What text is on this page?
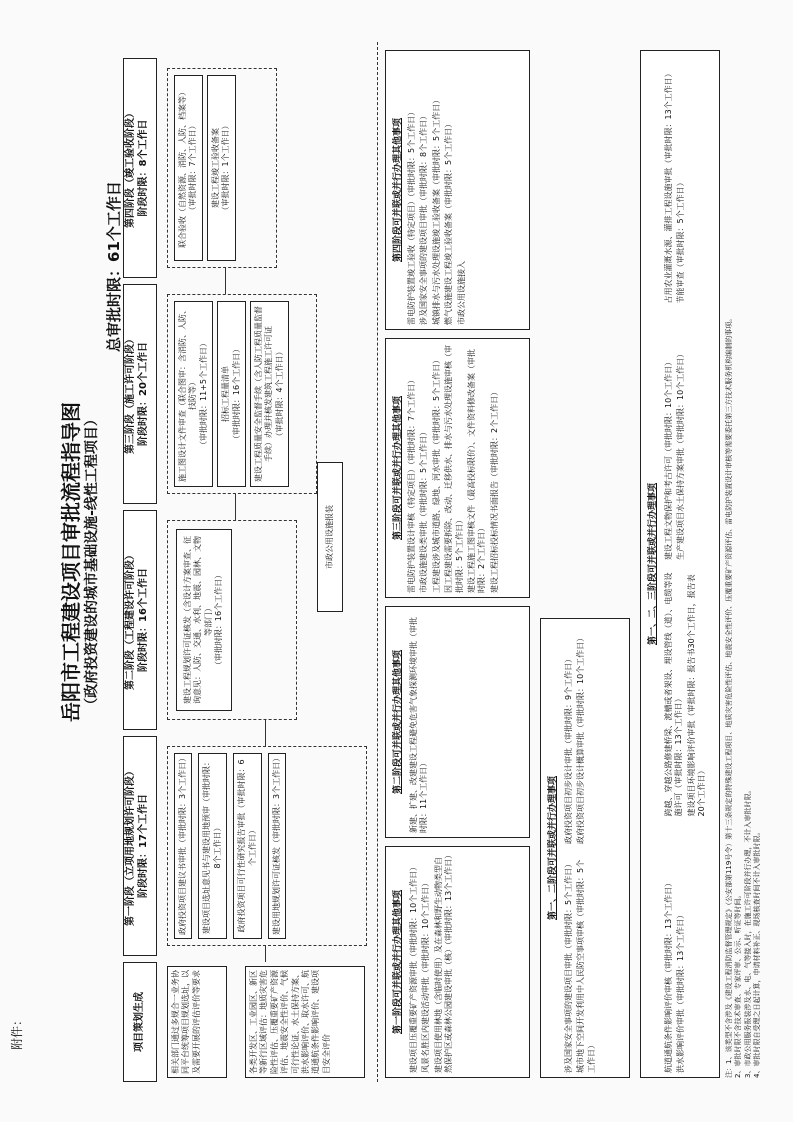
附件：
岳阳市工程建设项目审批流程指导图 （政府投资建设的城市基础设施-线性工程项目）
总审批时限：61个工作日
项目策划生成
第一阶段（立项用地规划许可阶段） 阶段时限：17个工作日
第二阶段（工程建设许可阶段） 阶段时限：16个工作日
第三阶段（施工许可阶段） 阶段时限：20个工作日
第四阶段（竣工验收阶段） 阶段时限：8个工作日
相关部门通过多规合一业务协同平台统筹项目规划选址，以及需要开展的评估评价等要求	各类开发区、工业园区、新区等新行区域评估：地质灾害危险性评估、压覆重要矿产资源评估、地震安全性评价、气候可行性论证、水土保持方案、洪水影响评价、取水许可、航道通航条件影响评价、建设项目安全评价
政府投资项目建议书审批（审批时限：3个工作日）	建设项目选址意见书与建设用地预审（审批时限：8个工作日）	政府投资项目可行性研究报告审批（审批时限：6个工作日）	建设用地规划许可证核发（审批时限：3个工作日）
建设工程规划许可证核发（含设计方案审查、征询意见：人防、交通、水利、地震、园林、文物等部门） （审批时限：16个工作日）
市政公用设施报装
施工图设计文件审查（联合图审：含消防、人防、技防等） （审批时限：11+5个工作日） 招标工程量清单 （审批时限：16个工作日） 建设工程质量安全监督手续（含人防工程质量监督手续）办理并核发建筑工程施工许可证 （审批时限：4个工作日）
联合验收（自然资源、消防、人防、档案等） （审批时限：7个工作日） 建设工程竣工验收备案 （审批时限：1个工作日）
第一阶段可并联或并行办理其他事项 建设项目压覆重要矿产资源审批（审批时限：10个工作日） 风景名胜区内建设活动审批（审批时限：10个工作日） 建设项目使用林地（含临时使用）及在森林和野生动物类型自然保护区或森林公园建设审批（核）（审批时限：13个工作日）
第二阶段可并联或并行办理其他事项 新建、扩建、改建建设工程避免危害气象探测环境审批（审批时限：11个工作日）
第三阶段可并联或并行办理其他事项 雷电防护装置设计审核（特定项目）（审批时限：7个工作日） 市政设施建设类审批（审批时限：5个工作日） 工程建设涉及城市道路、绿地、河水审批（审批时限：5个工作日） 因工程建设需要拆除、改动、迁移供水、排水与污水处理设施审核（审批时限：5个工作日） 建设工程施工图审核文件（最高投标限价）、文件资料修改备案（审批时限：2个工作日） 建设工程招标投标情况书面报告（审批时限：2个工作日）
第四阶段可并联或并行办理其他事项 雷电防护装置竣工验收（特定项目）（审批时限：5个工作日） 涉及国家安全事项的建设项目审批（审批时限：8个工作日） 城镇排水与污水处理设施竣工验收备案（审批时限：5个工作日） 燃气设施建设工程竣工验收备案（审批时限：5个工作日） 市政公用设施接入
第一、二阶段可并联或并行办理事项
涉及国家安全事项的建设项目审批（审批时限：5个工作日） 城市地下空间开发利用中人民防空事项审核（审批时限：5个工作日）
政府投资项目初步设计审批（审批时限：9个工作日） 政府投资项目初步设计概算审批（审批时限：10个工作日）
第一、二、三阶段可并联或并行办理事项
航道通航条件影响评价审核（审批时限：13个工作日） 洪水影响评价审批（审批时限：13个工作日）
跨越、穿越公路修建桥梁、渡槽或者架设、埋设管线（道）、电缆等设施许可（审批时限：13个工作日） 建设项目环境影响评价审批（审批时限：报告书30个工作日，报告表20个工作日）
建设工程文物保护和考古许可（审批时限：10个工作日） 生产建设项目水土保持方案审批（审批时限：10个工作日）
占用农业灌溉水源、灌排工程设施审批（审批时限：13个工作日） 节能审查（审批时限：5个工作日）
注：1、该类型不含涉及《建设工程消防监督管理规定》（公安部第119号令）第十三条规定的特殊建设工程项目、地质灾害危险性评估、地震安全性评价、压覆重要矿产资源评估、雷电防护装置设计审核等需要委托第三方技术服务机构编制的事项。 2、审批时限不含技术审查、专家评审、公示、听证等时间。 3、市政公用服务报装涉及水、电、气等接入时，在施工许可阶段并行办理，不计入审批时限。 4、审批时限自受理之日起计算，申请材料补正、现场核查时间不计入审批时限。
